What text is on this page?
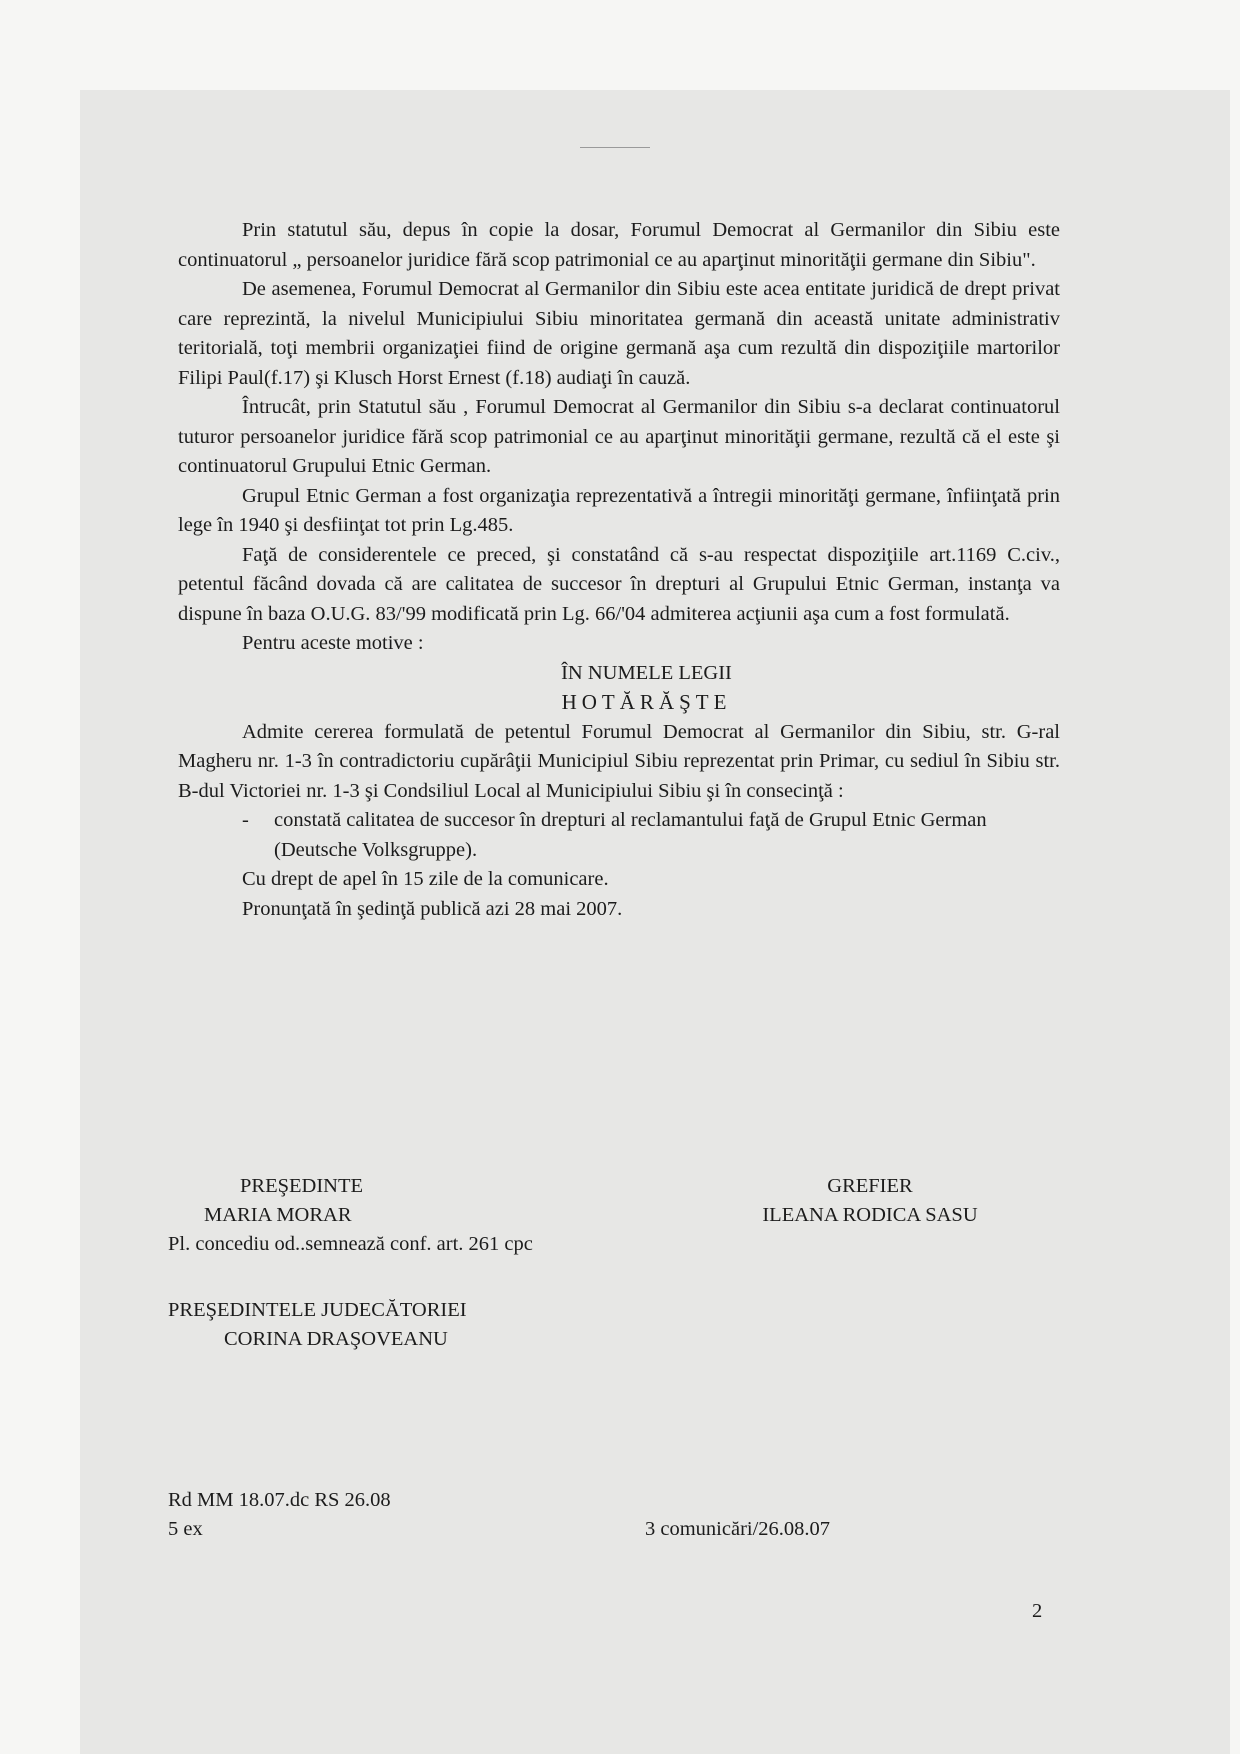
Prin statutul său, depus în copie la dosar, Forumul Democrat al Germanilor din Sibiu este continuatorul „ persoanelor juridice fără scop patrimonial ce au aparţinut minorităţii germane din Sibiu".

De asemenea, Forumul Democrat al Germanilor din Sibiu este acea entitate juridică de drept privat care reprezintă, la nivelul Municipiului Sibiu minoritatea germană din această unitate administrativ teritorială, toţi membrii organizaţiei fiind de origine germană aşa cum rezultă din dispoziţiile martorilor Filipi Paul(f.17) şi Klusch Horst Ernest (f.18) audiaţi în cauză.

Întrucât, prin Statutul său , Forumul Democrat al Germanilor din Sibiu s-a declarat continuatorul tuturor persoanelor juridice fără scop patrimonial ce au aparţinut minorităţii germane, rezultă că el este şi continuatorul Grupului Etnic German.

Grupul Etnic German a fost organizaţia reprezentativă a întregii minorităţi germane, înfiinţată prin lege în 1940 şi desfiinţat tot prin Lg.485.

Faţă de considerentele ce preced, şi constatând că s-au respectat dispoziţiile art.1169 C.civ., petentul făcând dovada că are calitatea de succesor în drepturi al Grupului Etnic German, instanţa va dispune în baza O.U.G. 83/'99 modificată prin Lg. 66/'04 admiterea acţiunii aşa cum a fost formulată.

Pentru aceste motive :

ÎN NUMELE LEGII
HOTĂRĂŞTE

Admite cererea formulată de petentul Forumul Democrat al Germanilor din Sibiu, str. G-ral Magheru nr. 1-3 în contradictoriu cupărâţii Municipiul Sibiu reprezentat prin Primar, cu sediul în Sibiu str. B-dul Victoriei nr. 1-3 şi Condsiliul Local al Municipiului Sibiu şi în consecinţă :

-	constată calitatea de succesor în drepturi al reclamantului faţă de Grupul Etnic German (Deutsche Volksgruppe).

Cu drept de apel în 15 zile de la comunicare.

Pronunţată în şedinţă publică azi 28 mai 2007.

PREŞEDINTE
MARIA MORAR
Pl. concediu od..semnează conf. art. 261 cpc
GREFIER
ILEANA RODICA SASU
PREŞEDINTELE JUDECĂTORIEI
CORINA DRAŞOVEANU
Rd MM 18.07.dc RS 26.08
5 ex	3 comunicări/26.08.07
2
